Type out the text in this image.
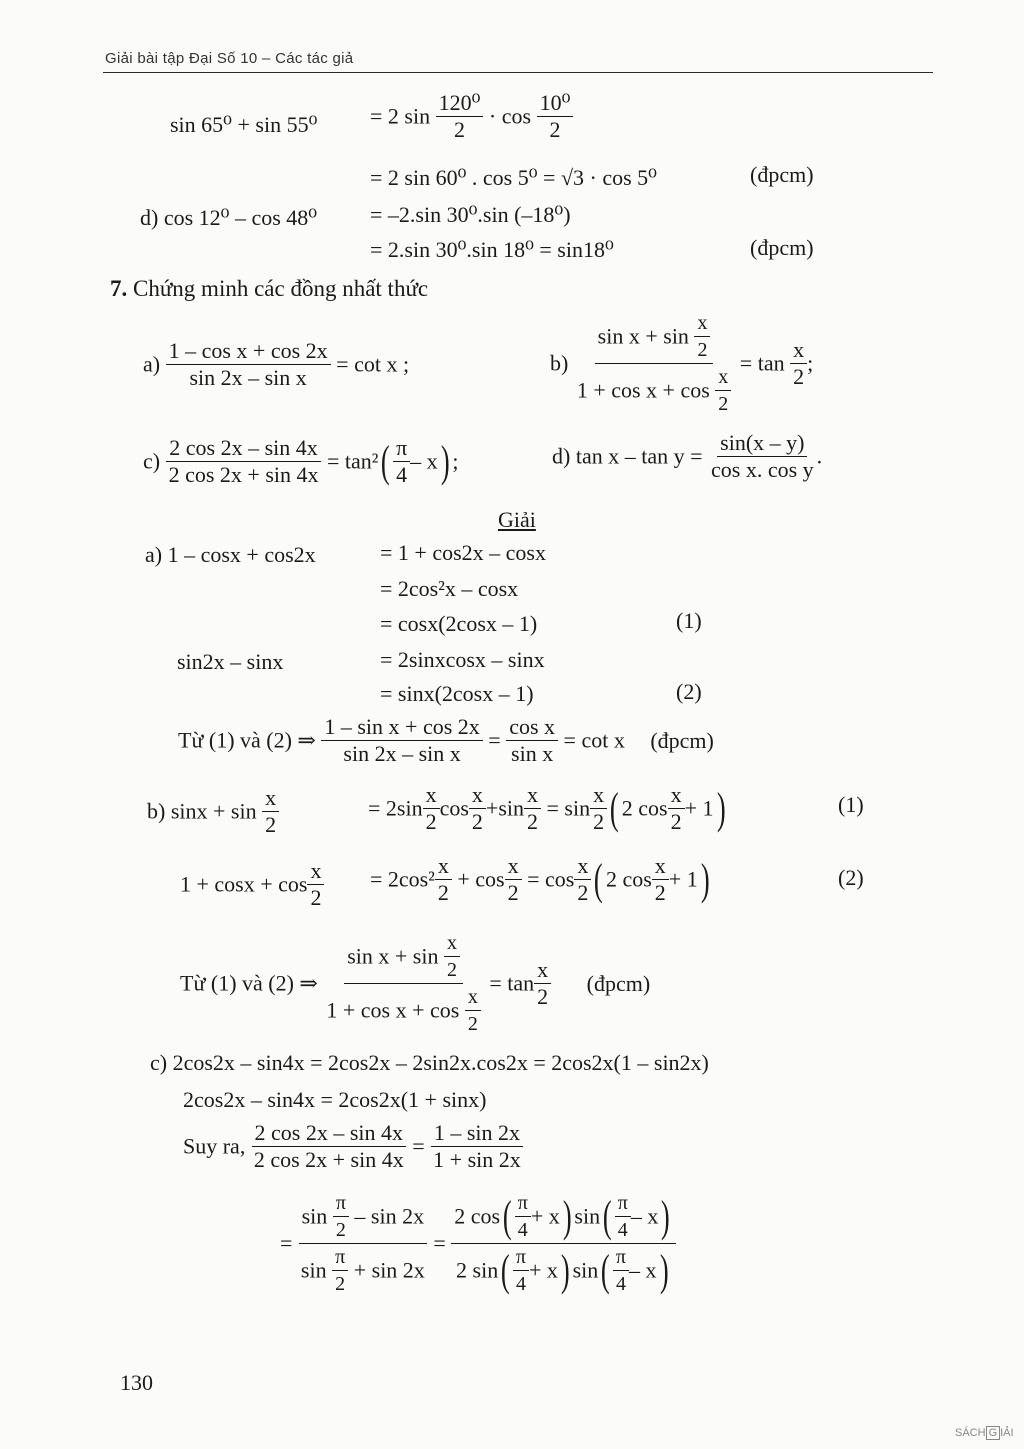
Giải bài tập Đại Số 10 – Các tác giả
sin 65⁰ + sin 55⁰ = 2 $\sin \frac{\text{120⁰}}{2} \cdot \cos \frac{\text{10⁰}}{2}$
= 2 sin 60⁰ . cos 5⁰ = √3 · cos 5⁰	(đpcm)
d) cos 12⁰ – cos 48⁰ = –2.sin 30⁰.sin (–18⁰)
= 2.sin 30⁰.sin 18⁰ = sin18⁰	(đpcm)
7. Chứng minh các đồng nhất thức
$a) \frac{\text{1 – cos x + cos 2x}}{\text{sin 2x – sin x}} = \cot x$ ;	$b) \frac{\sin x + \sin \frac{x}{2}}{1 + \cos x + \cos \frac{x}{2}} = \tan \frac{x}{2}$ ;
$c) \frac{2 \cos 2x - \sin 4x}{2 \cos 2x + \sin 4x} = \tan^2( \frac{\pi}{4} - x)$ ;	d) $\tan x - \tan y = \frac{\sin(x - y)}{\text{cos x. cos y}}$ .
Giải
a) 1 – cosx + cos2x	= 1 + cos2x – cosx
= 2cos²x – cosx
= cosx(2cosx – 1)	(1)
sin2x – sinx	= 2sinxcosx – sinx
= sinx(2cosx – 1)	(2)
Từ (1) và (2) ⇒ $\frac{\text{1 – sin x + cos 2x}}{\text{sin 2x – sin x}} = \frac{\text{cos x}}{\text{sin x}} = \cot x$ (đpcm)
b) $\sin x + \sin \frac{x}{2}$	= $2\sin \frac{x}{2}$ $\cos \frac{x}{2} +\sin \frac{x}{2} = \sin \frac{x}{2}$ ( 2 $\cos \frac{x}{2} + 1$)	(1)
$1 + \cos x + \cos \frac{x}{2} = 2\cos^2 \frac{x}{2} + \cos \frac{x}{2} = \cos \frac{x}{2}$ ( 2 $\cos \frac{x}{2} + 1$)	(2)
Từ (1) và (2) ⇒ $\frac{\sin x + \sin \frac{x}{2}}{1 + \cos x + \cos \frac{x}{2}} = \tan \frac{x}{2}$ (đpcm)
c) 2cos2x – sin4x = 2cos2x – 2sin2x.cos2x = 2cos2x(1 – sin2x)
2cos2x – sin4x = 2cos2x(1 + sinx)
Suy ra, $\frac{2 \cos 2x - \sin 4x}{2 \cos 2x + \sin 4x} = \frac{1 - \sin 2x}{1 + \sin 2x}$
= $\frac{\sin \frac{\pi}{2} - \sin 2x}{\sin \frac{\pi}{2} + \sin 2x} = \frac{2 \cos( \frac{\pi}{4} + x) \sin( \frac{\pi}{4} - x)}{2 \sin( \frac{\pi}{4} + x) \sin( \frac{\pi}{4} - x)}$
130
SÁCH G IẢI
